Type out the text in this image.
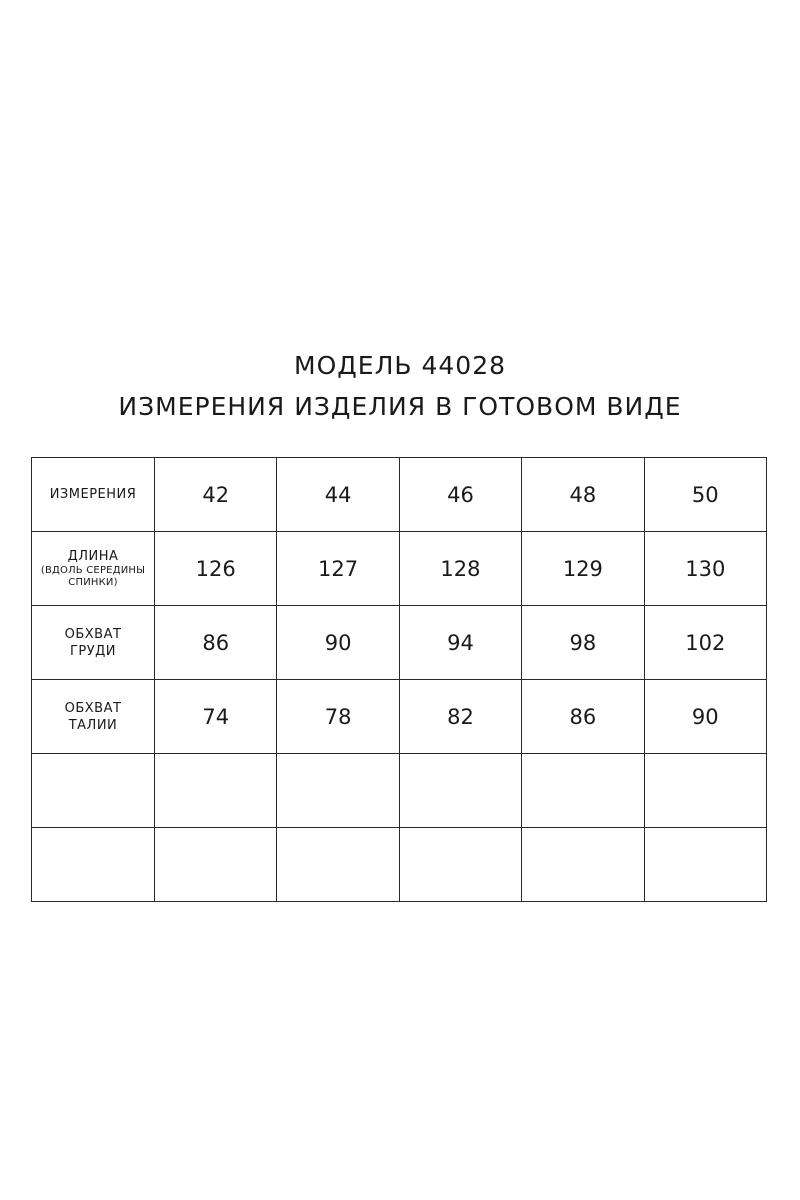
МОДЕЛЬ 44028
ИЗМЕРЕНИЯ ИЗДЕЛИЯ В ГОТОВОМ ВИДЕ
ИЗМЕРЕНИЯ	42	44	46	48	50
ДЛИНА
(ВДОЛЬ СЕРЕДИНЫ СПИНКИ)	126	127	128	129	130
ОБХВАТ ГРУДИ	86	90	94	98	102
ОБХВАТ ТАЛИИ	74	78	82	86	90
